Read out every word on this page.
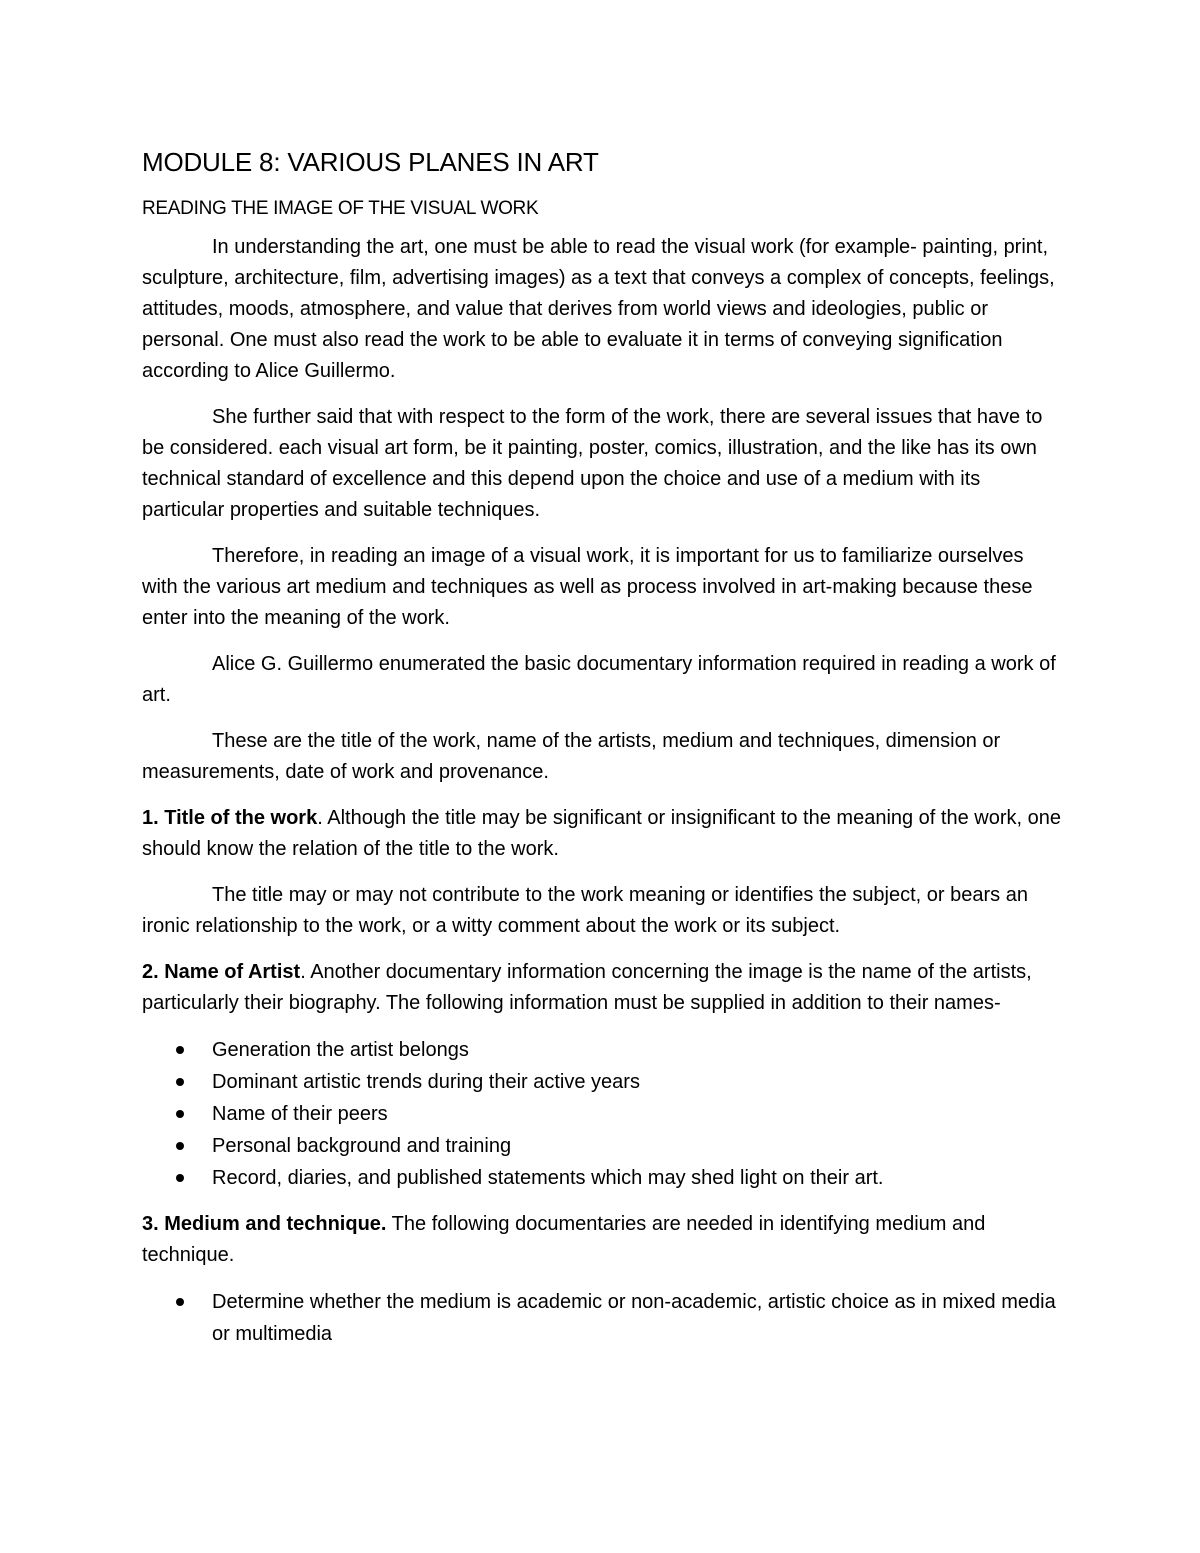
MODULE 8: VARIOUS PLANES IN ART
READING THE IMAGE OF THE VISUAL WORK

In understanding the art, one must be able to read the visual work (for example- painting, print, sculpture, architecture, film, advertising images) as a text that conveys a complex of concepts, feelings, attitudes, moods, atmosphere, and value that derives from world views and ideologies, public or personal. One must also read the work to be able to evaluate it in terms of conveying signification according to Alice Guillermo.

She further said that with respect to the form of the work, there are several issues that have to be considered. each visual art form, be it painting, poster, comics, illustration, and the like has its own technical standard of excellence and this depend upon the choice and use of a medium with its particular properties and suitable techniques.

Therefore, in reading an image of a visual work, it is important for us to familiarize ourselves with the various art medium and techniques as well as process involved in art-making because these enter into the meaning of the work.

Alice G. Guillermo enumerated the basic documentary information required in reading a work of art.

These are the title of the work, name of the artists, medium and techniques, dimension or measurements, date of work and provenance.

1. Title of the work. Although the title may be significant or insignificant to the meaning of the work, one should know the relation of the title to the work.

The title may or may not contribute to the work meaning or identifies the subject, or bears an ironic relationship to the work, or a witty comment about the work or its subject.

2. Name of Artist. Another documentary information concerning the image is the name of the artists, particularly their biography. The following information must be supplied in addition to their names-

Generation the artist belongs
Dominant artistic trends during their active years
Name of their peers
Personal background and training
Record, diaries, and published statements which may shed light on their art.

3. Medium and technique. The following documentaries are needed in identifying medium and technique.

Determine whether the medium is academic or non-academic, artistic choice as in mixed media or multimedia
